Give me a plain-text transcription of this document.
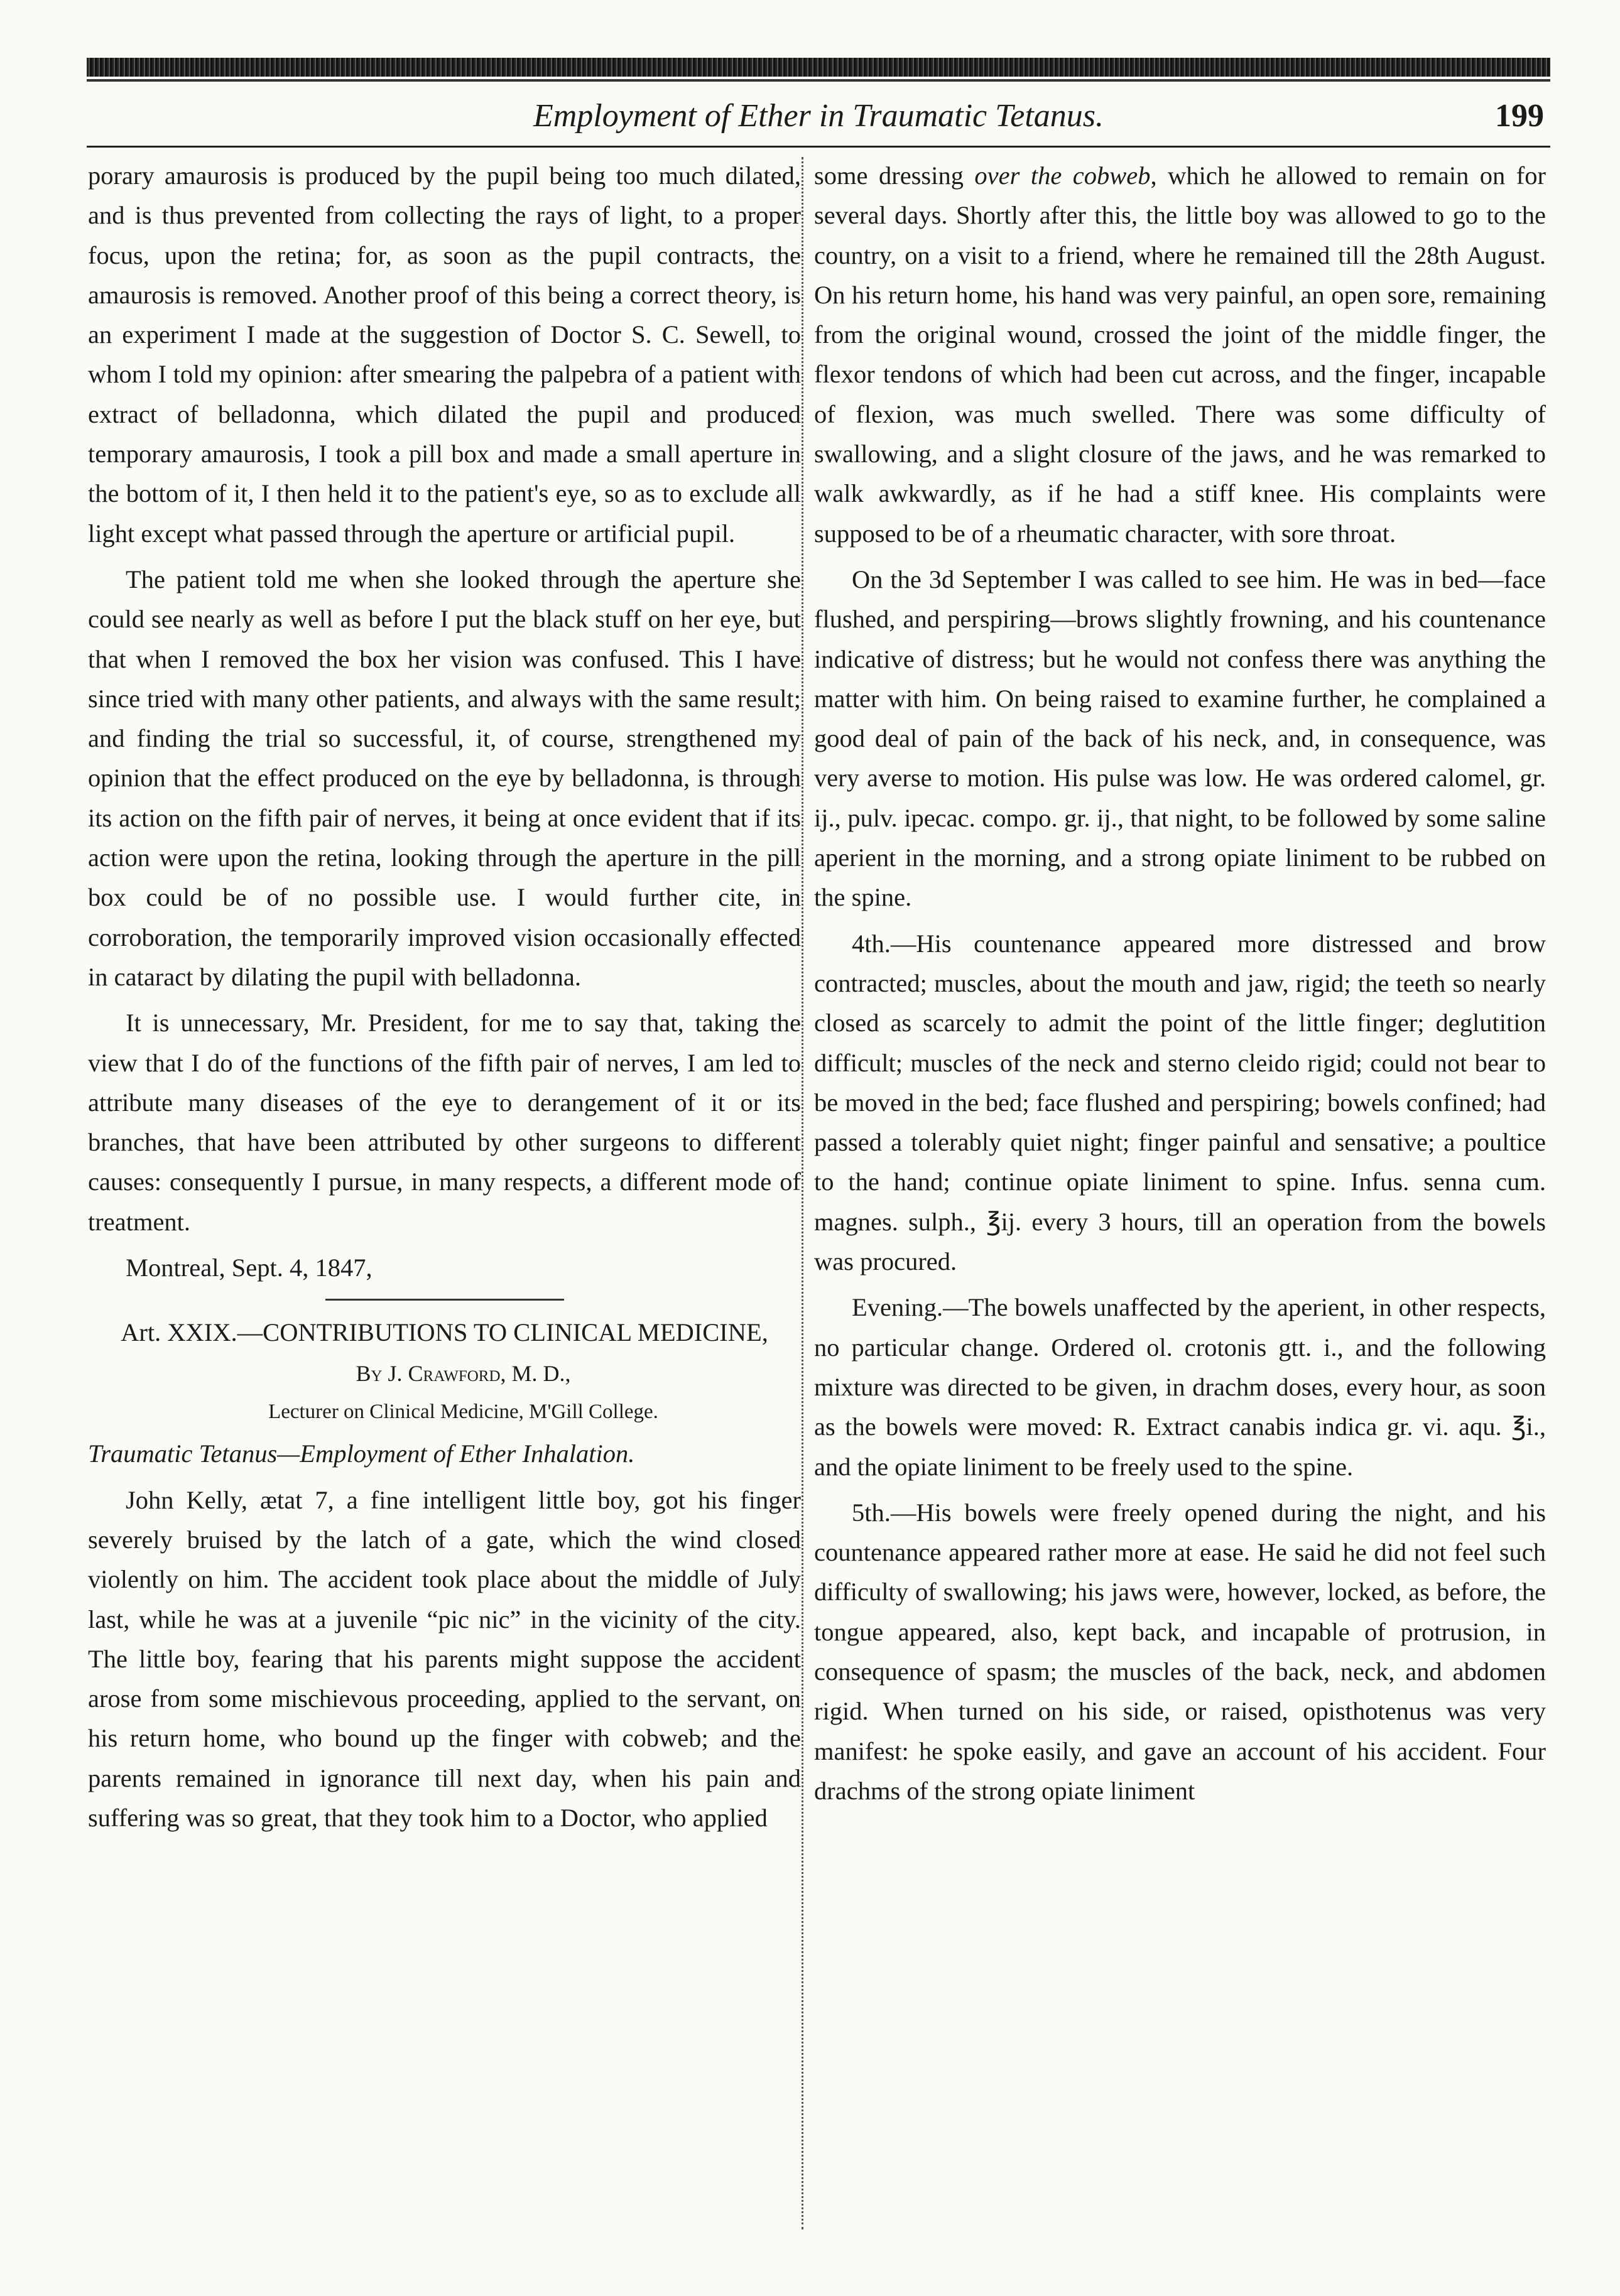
Employment of Ether in Traumatic Tetanus.	199

porary amaurosis is produced by the pupil being too much dilated, and is thus prevented from collecting the rays of light, to a proper focus, upon the retina; for, as soon as the pupil contracts, the amaurosis is removed. Another proof of this being a correct theory, is an experiment I made at the suggestion of Doctor S. C. Sewell, to whom I told my opinion: after smearing the palpebra of a patient with extract of belladonna, which dilated the pupil and produced temporary amaurosis, I took a pill box and made a small aperture in the bottom of it, I then held it to the patient's eye, so as to exclude all light except what passed through the aperture or artificial pupil.

The patient told me when she looked through the aperture she could see nearly as well as before I put the black stuff on her eye, but that when I removed the box her vision was confused. This I have since tried with many other patients, and always with the same result; and finding the trial so successful, it, of course, strengthened my opinion that the effect produced on the eye by belladonna, is through its action on the fifth pair of nerves, it being at once evident that if its action were upon the retina, looking through the aperture in the pill box could be of no possible use. I would further cite, in corroboration, the temporarily improved vision occasionally effected in cataract by dilating the pupil with belladonna.

It is unnecessary, Mr. President, for me to say that, taking the view that I do of the functions of the fifth pair of nerves, I am led to attribute many diseases of the eye to derangement of it or its branches, that have been attributed by other surgeons to different causes: consequently I pursue, in many respects, a different mode of treatment.

Montreal, Sept. 4, 1847,

Art. XXIX.—CONTRIBUTIONS TO CLINICAL MEDICINE,

By J. Crawford, M. D.,

Lecturer on Clinical Medicine, M'Gill College.

Traumatic Tetanus—Employment of Ether Inhalation.

John Kelly, ætat 7, a fine intelligent little boy, got his finger severely bruised by the latch of a gate, which the wind closed violently on him. The accident took place about the middle of July last, while he was at a juvenile “pic nic” in the vicinity of the city. The little boy, fearing that his parents might suppose the accident arose from some mischievous proceeding, applied to the servant, on his return home, who bound up the finger with cobweb; and the parents remained in ignorance till next day, when his pain and suffering was so great, that they took him to a Doctor, who applied

some dressing over the cobweb, which he allowed to remain on for several days. Shortly after this, the little boy was allowed to go to the country, on a visit to a friend, where he remained till the 28th August. On his return home, his hand was very painful, an open sore, remaining from the original wound, crossed the joint of the middle finger, the flexor tendons of which had been cut across, and the finger, incapable of flexion, was much swelled. There was some difficulty of swallowing, and a slight closure of the jaws, and he was remarked to walk awkwardly, as if he had a stiff knee. His complaints were supposed to be of a rheumatic character, with sore throat.

On the 3d September I was called to see him. He was in bed—face flushed, and perspiring—brows slightly frowning, and his countenance indicative of distress; but he would not confess there was anything the matter with him. On being raised to examine further, he complained a good deal of pain of the back of his neck, and, in consequence, was very averse to motion. His pulse was low. He was ordered calomel, gr. ij., pulv. ipecac. compo. gr. ij., that night, to be followed by some saline aperient in the morning, and a strong opiate liniment to be rubbed on the spine.

4th.—His countenance appeared more distressed and brow contracted; muscles, about the mouth and jaw, rigid; the teeth so nearly closed as scarcely to admit the point of the little finger; deglutition difficult; muscles of the neck and sterno cleido rigid; could not bear to be moved in the bed; face flushed and perspiring; bowels confined; had passed a tolerably quiet night; finger painful and sensative; a poultice to the hand; continue opiate liniment to spine. Infus. senna cum. magnes. sulph., ℥ij. every 3 hours, till an operation from the bowels was procured.

Evening.—The bowels unaffected by the aperient, in other respects, no particular change. Ordered ol. crotonis gtt. i., and the following mixture was directed to be given, in drachm doses, every hour, as soon as the bowels were moved: R. Extract canabis indica gr. vi. aqu. ℥i., and the opiate liniment to be freely used to the spine.

5th.—His bowels were freely opened during the night, and his countenance appeared rather more at ease. He said he did not feel such difficulty of swallowing; his jaws were, however, locked, as before, the tongue appeared, also, kept back, and incapable of protrusion, in consequence of spasm; the muscles of the back, neck, and abdomen rigid. When turned on his side, or raised, opisthotenus was very manifest: he spoke easily, and gave an account of his accident. Four drachms of the strong opiate liniment
